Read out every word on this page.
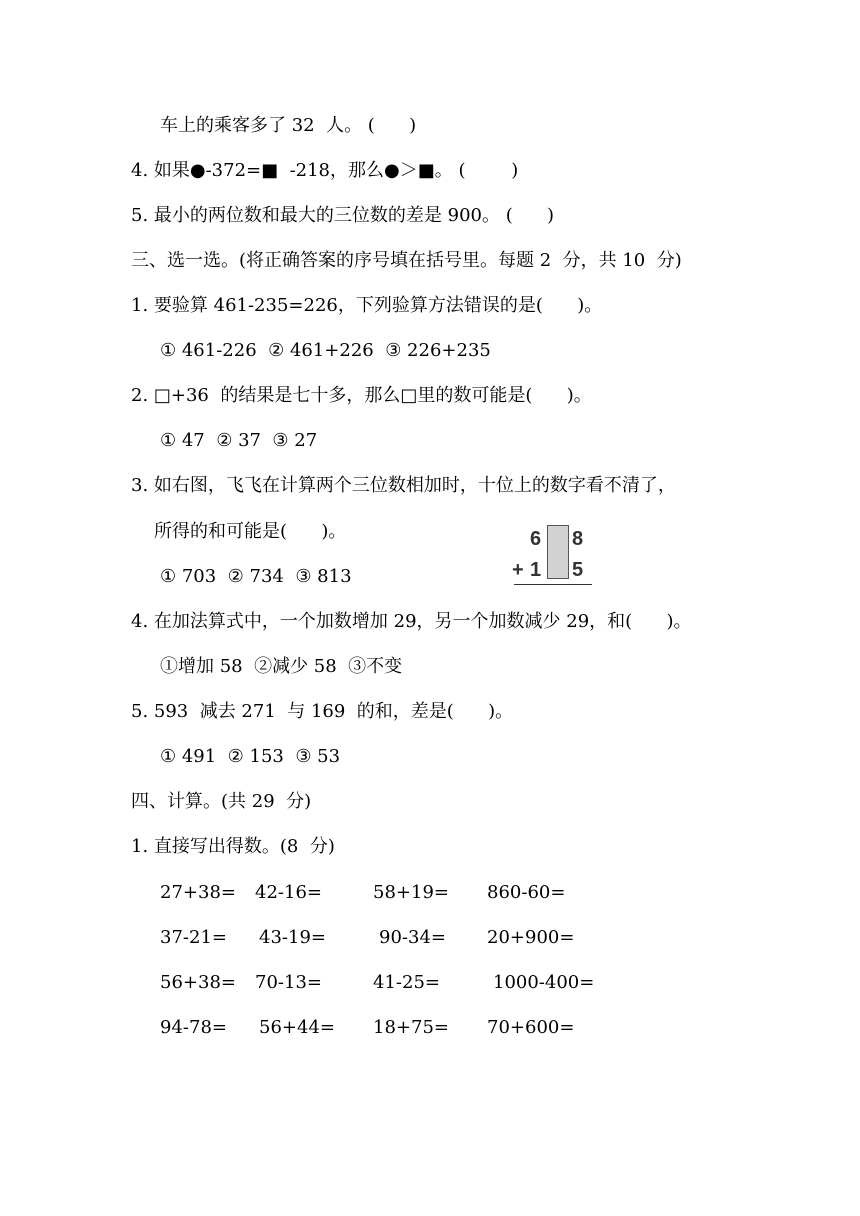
车上的乘客多了 32  人。 (      )
4. 如果●-372=■  -218，那么●＞■。 (        )
5. 最小的两位数和最大的三位数的差是 900。 (      )
三、选一选。(将正确答案的序号填在括号里。每题 2  分，共 10  分)
1. 要验算 461-235=226，下列验算方法错误的是(      )。
① 461-226  ② 461+226  ③ 226+235
2. □+36  的结果是七十多，那么□里的数可能是(      )。
① 47  ② 37  ③ 27
3. 如右图，飞飞在计算两个三位数相加时，十位上的数字看不清了，
所得的和可能是(      )。
① 703  ② 734  ③ 813
4. 在加法算式中，一个加数增加 29，另一个加数减少 29，和(      )。
①增加 58  ②减少 58  ③不变
5. 593  减去 271  与 169  的和，差是(      )。
① 491  ② 153  ③ 53
四、计算。(共 29  分)
1. 直接写出得数。(8  分)
6 8
+ 1 5
27+38= 42-16=	58+19= 860-60=
37-21= 43-19=	90-34= 20+900=
56+38= 70-13=	41-25=	1000-400=
94-78= 56+44= 18+75= 70+600=
